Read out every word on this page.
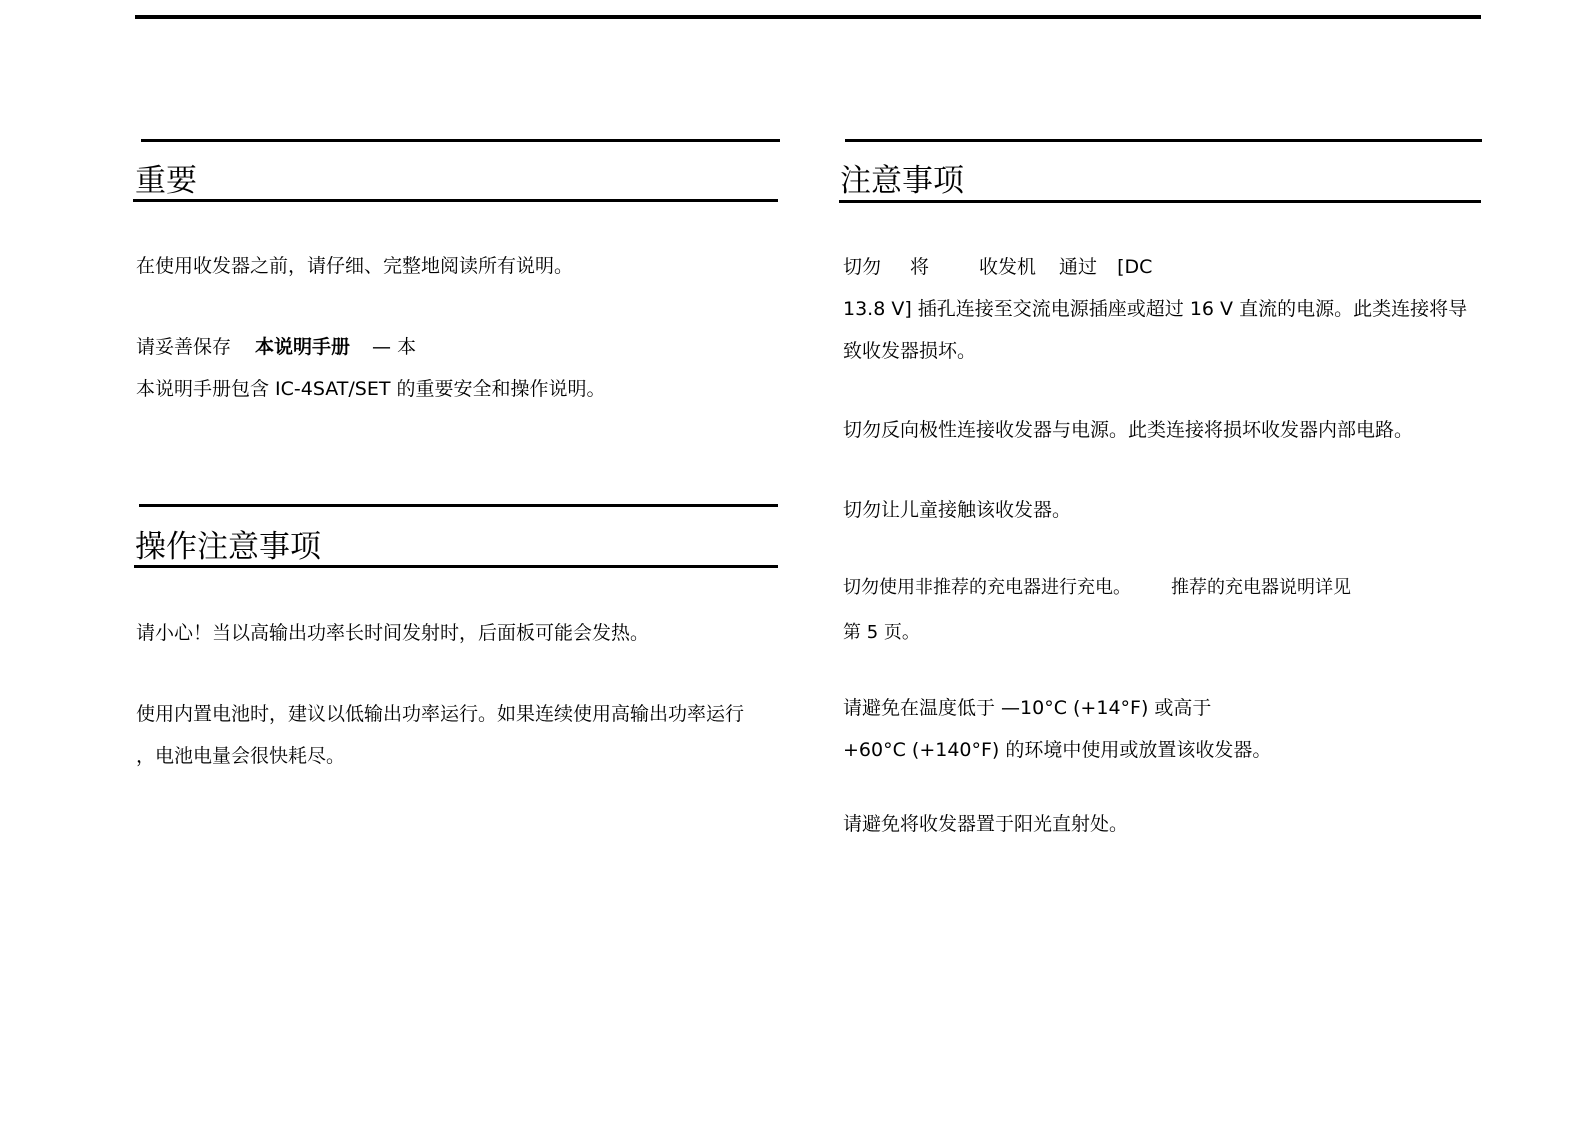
重要

在使用收发器之前，请仔细、完整地阅读所有说明。

请妥善保存 本说明手册 — 本

本说明手册包含 IC-4SAT/SET 的重要安全和操作说明。

操作注意事项

请小心！当以高输出功率长时间发射时，后面板可能会发热。

使用内置电池时，建议以低输出功率运行。如果连续使用高输出功率运行

，电池电量会很快耗尽。

注意事项

切勿 将	收发机 通过 [DC

13.8 V] 插孔连接至交流电源插座或超过 16 V 直流的电源。此类连接将导

致收发器损坏。

切勿反向极性连接收发器与电源。此类连接将损坏收发器内部电路。

切勿让儿童接触该收发器。

切勿使用非推荐的充电器进行充电。 推荐的充电器说明详见

第 5 页。

请避免在温度低于 —10°C (+14°F) 或高于

+60°C (+140°F) 的环境中使用或放置该收发器。

请避免将收发器置于阳光直射处。
